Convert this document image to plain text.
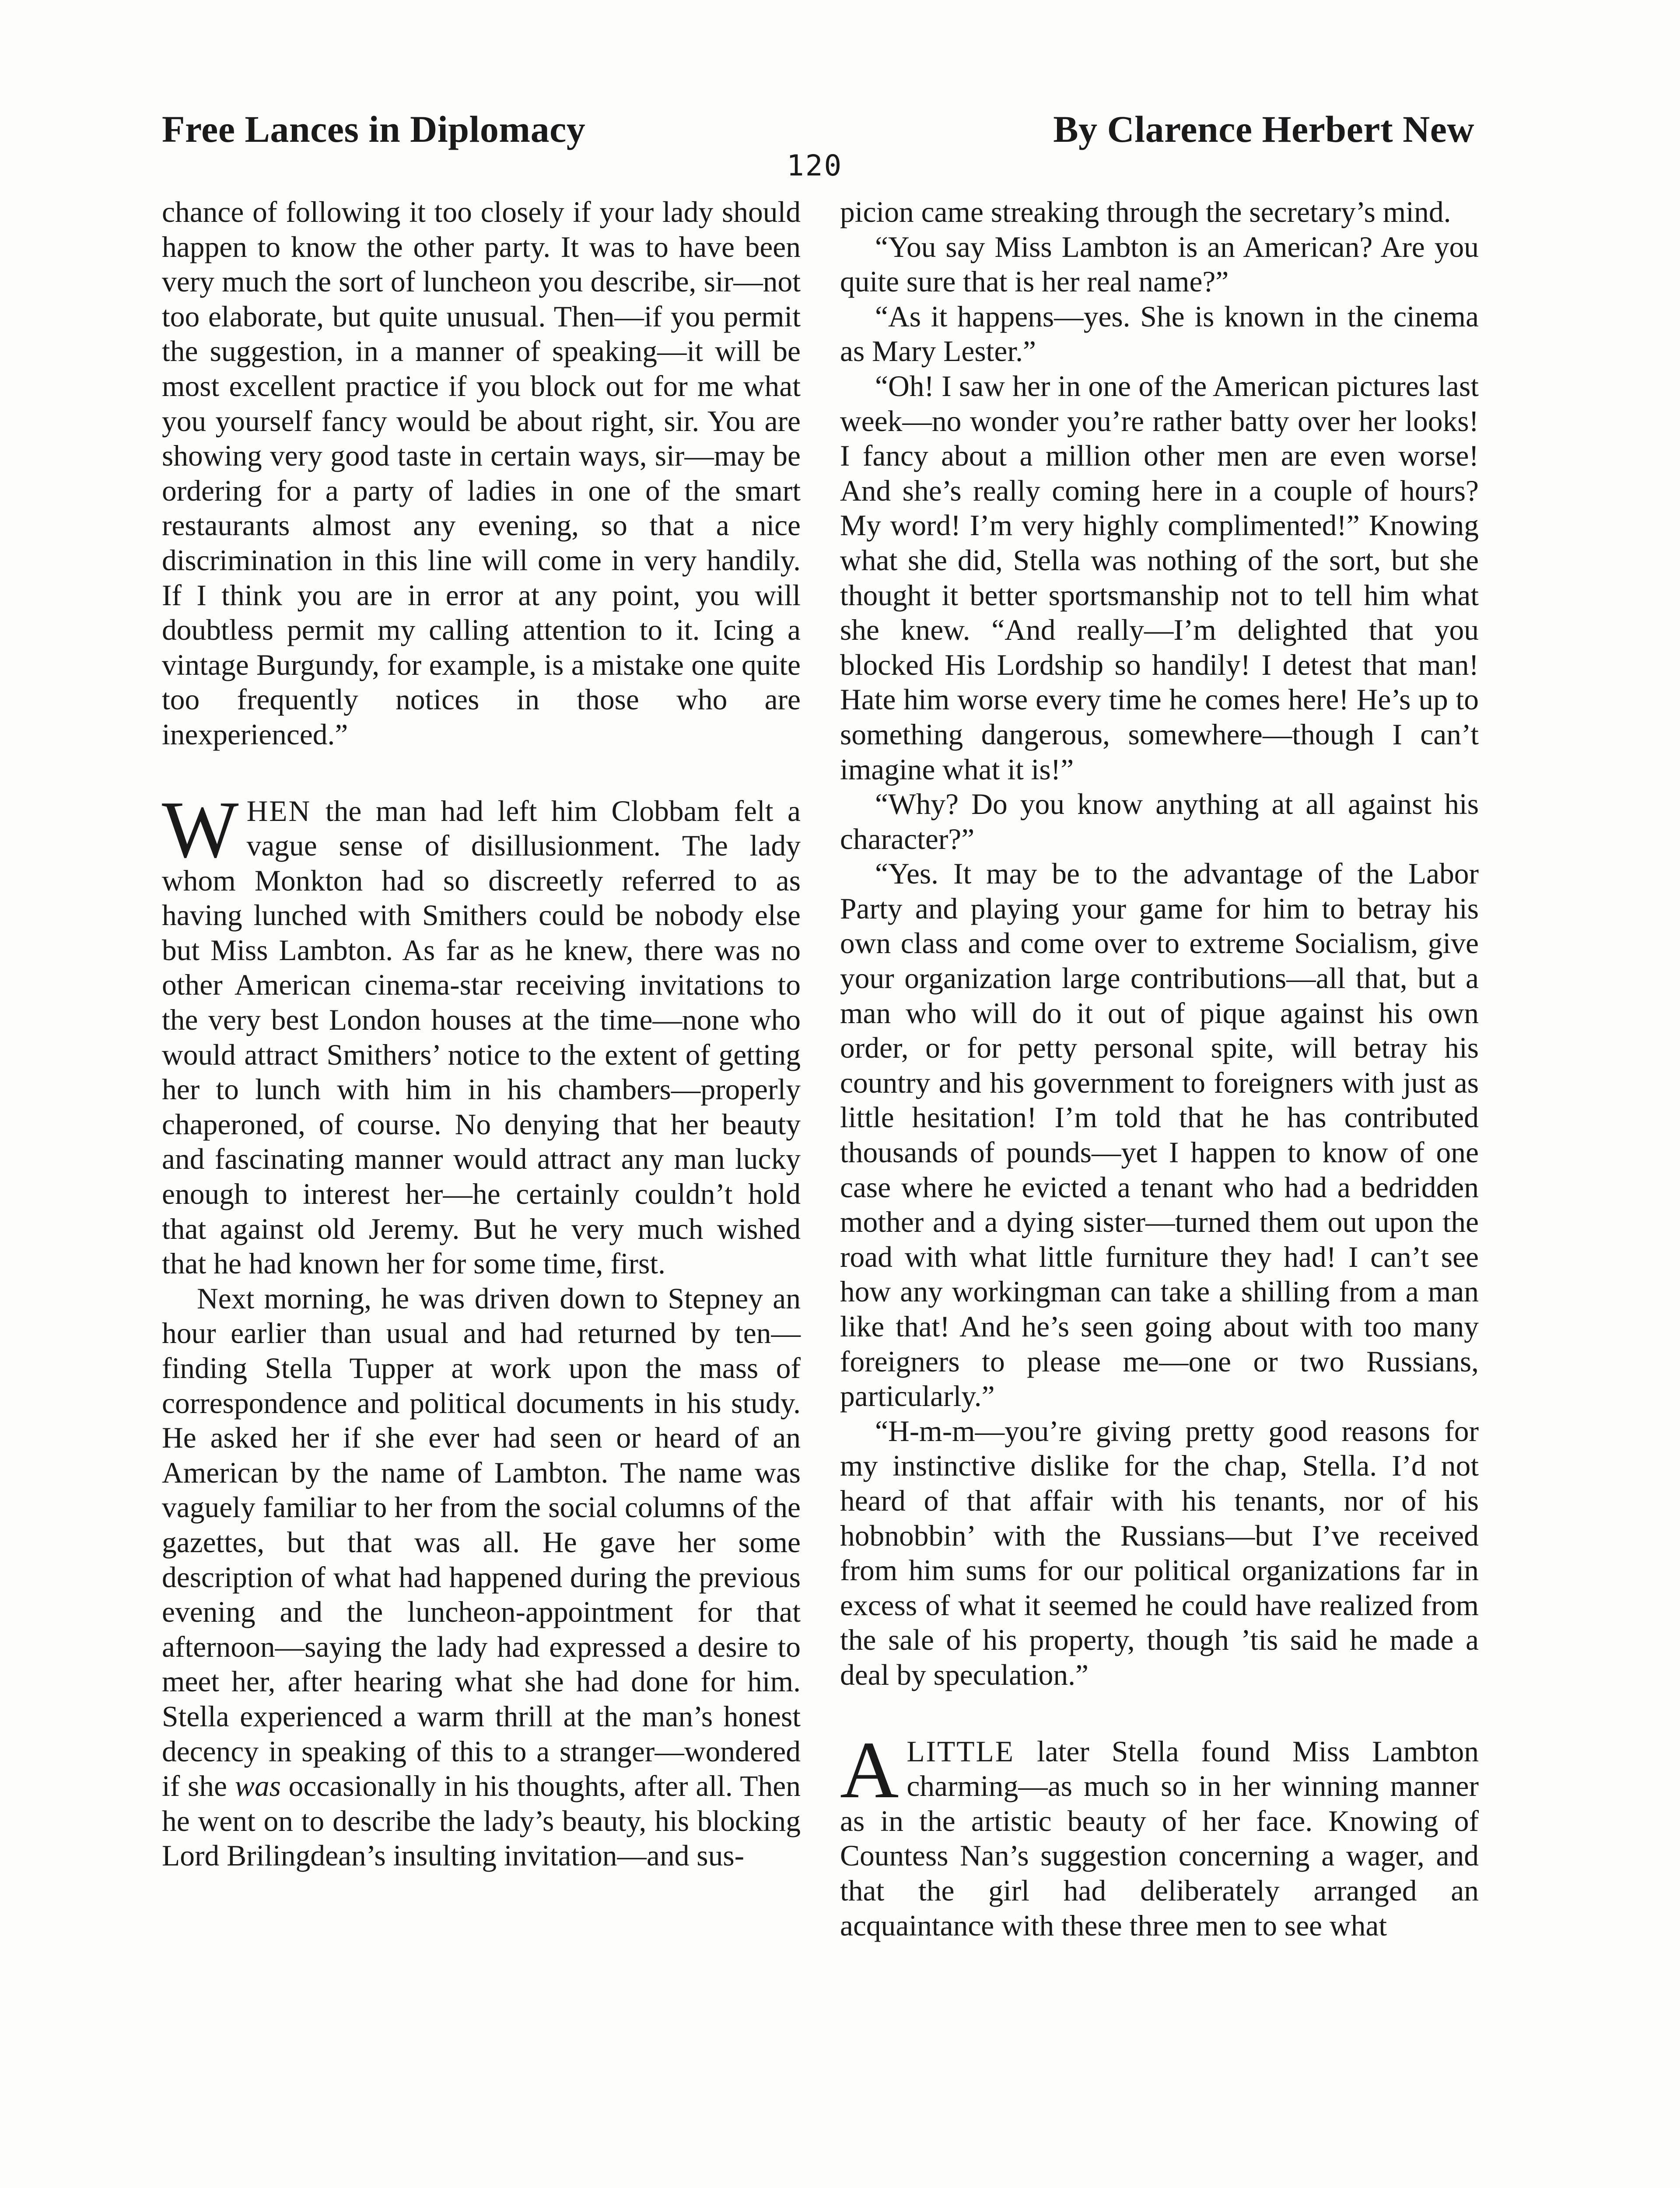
Free Lances in Diplomacy	By Clarence Herbert New
120

chance of following it too closely if your lady should happen to know the other party. It was to have been very much the sort of luncheon you describe, sir—not too elaborate, but quite unusual. Then—if you permit the suggestion, in a manner of speaking—it will be most excellent practice if you block out for me what you yourself fancy would be about right, sir. You are showing very good taste in certain ways, sir—may be ordering for a party of ladies in one of the smart restaurants almost any evening, so that a nice discrimination in this line will come in very handily. If I think you are in error at any point, you will doubtless permit my calling attention to it. Icing a vintage Burgundy, for example, is a mistake one quite too frequently notices in those who are inexperienced.”

WHEN the man had left him Clobbam felt a vague sense of disillusionment. The lady whom Monkton had so discreetly referred to as having lunched with Smithers could be nobody else but Miss Lambton. As far as he knew, there was no other American cinema-star receiving invitations to the very best London houses at the time—none who would attract Smithers’ notice to the extent of getting her to lunch with him in his chambers—properly chaperoned, of course. No denying that her beauty and fascinating manner would attract any man lucky enough to interest her—he certainly couldn’t hold that against old Jeremy. But he very much wished that he had known her for some time, first.

Next morning, he was driven down to Stepney an hour earlier than usual and had returned by ten—finding Stella Tupper at work upon the mass of correspondence and political documents in his study. He asked her if she ever had seen or heard of an American by the name of Lambton. The name was vaguely familiar to her from the social columns of the gazettes, but that was all. He gave her some description of what had happened during the previous evening and the luncheon-appointment for that afternoon—saying the lady had expressed a desire to meet her, after hearing what she had done for him. Stella experienced a warm thrill at the man’s honest decency in speaking of this to a stranger—wondered if she was occasionally in his thoughts, after all. Then he went on to describe the lady’s beauty, his blocking Lord Brilingdean’s insulting invitation—and sus-

picion came streaking through the secretary’s mind.

“You say Miss Lambton is an American? Are you quite sure that is her real name?”

“As it happens—yes. She is known in the cinema as Mary Lester.”

“Oh! I saw her in one of the American pictures last week—no wonder you’re rather batty over her looks! I fancy about a million other men are even worse! And she’s really coming here in a couple of hours? My word! I’m very highly complimented!” Knowing what she did, Stella was nothing of the sort, but she thought it better sportsmanship not to tell him what she knew. “And really—I’m delighted that you blocked His Lordship so handily! I detest that man! Hate him worse every time he comes here! He’s up to something dangerous, somewhere—though I can’t imagine what it is!”

“Why? Do you know anything at all against his character?”

“Yes. It may be to the advantage of the Labor Party and playing your game for him to betray his own class and come over to extreme Socialism, give your organization large contributions—all that, but a man who will do it out of pique against his own order, or for petty personal spite, will betray his country and his government to foreigners with just as little hesitation! I’m told that he has contributed thousands of pounds—yet I happen to know of one case where he evicted a tenant who had a bedridden mother and a dying sister—turned them out upon the road with what little furniture they had! I can’t see how any workingman can take a shilling from a man like that! And he’s seen going about with too many foreigners to please me—one or two Russians, particularly.”

“H-m-m—you’re giving pretty good reasons for my instinctive dislike for the chap, Stella. I’d not heard of that affair with his tenants, nor of his hobnobbin’ with the Russians—but I’ve received from him sums for our political organizations far in excess of what it seemed he could have realized from the sale of his property, though ’tis said he made a deal by speculation.”

ALITTLE later Stella found Miss Lambton charming—as much so in her winning manner as in the artistic beauty of her face. Knowing of Countess Nan’s suggestion concerning a wager, and that the girl had deliberately arranged an acquaintance with these three men to see what
